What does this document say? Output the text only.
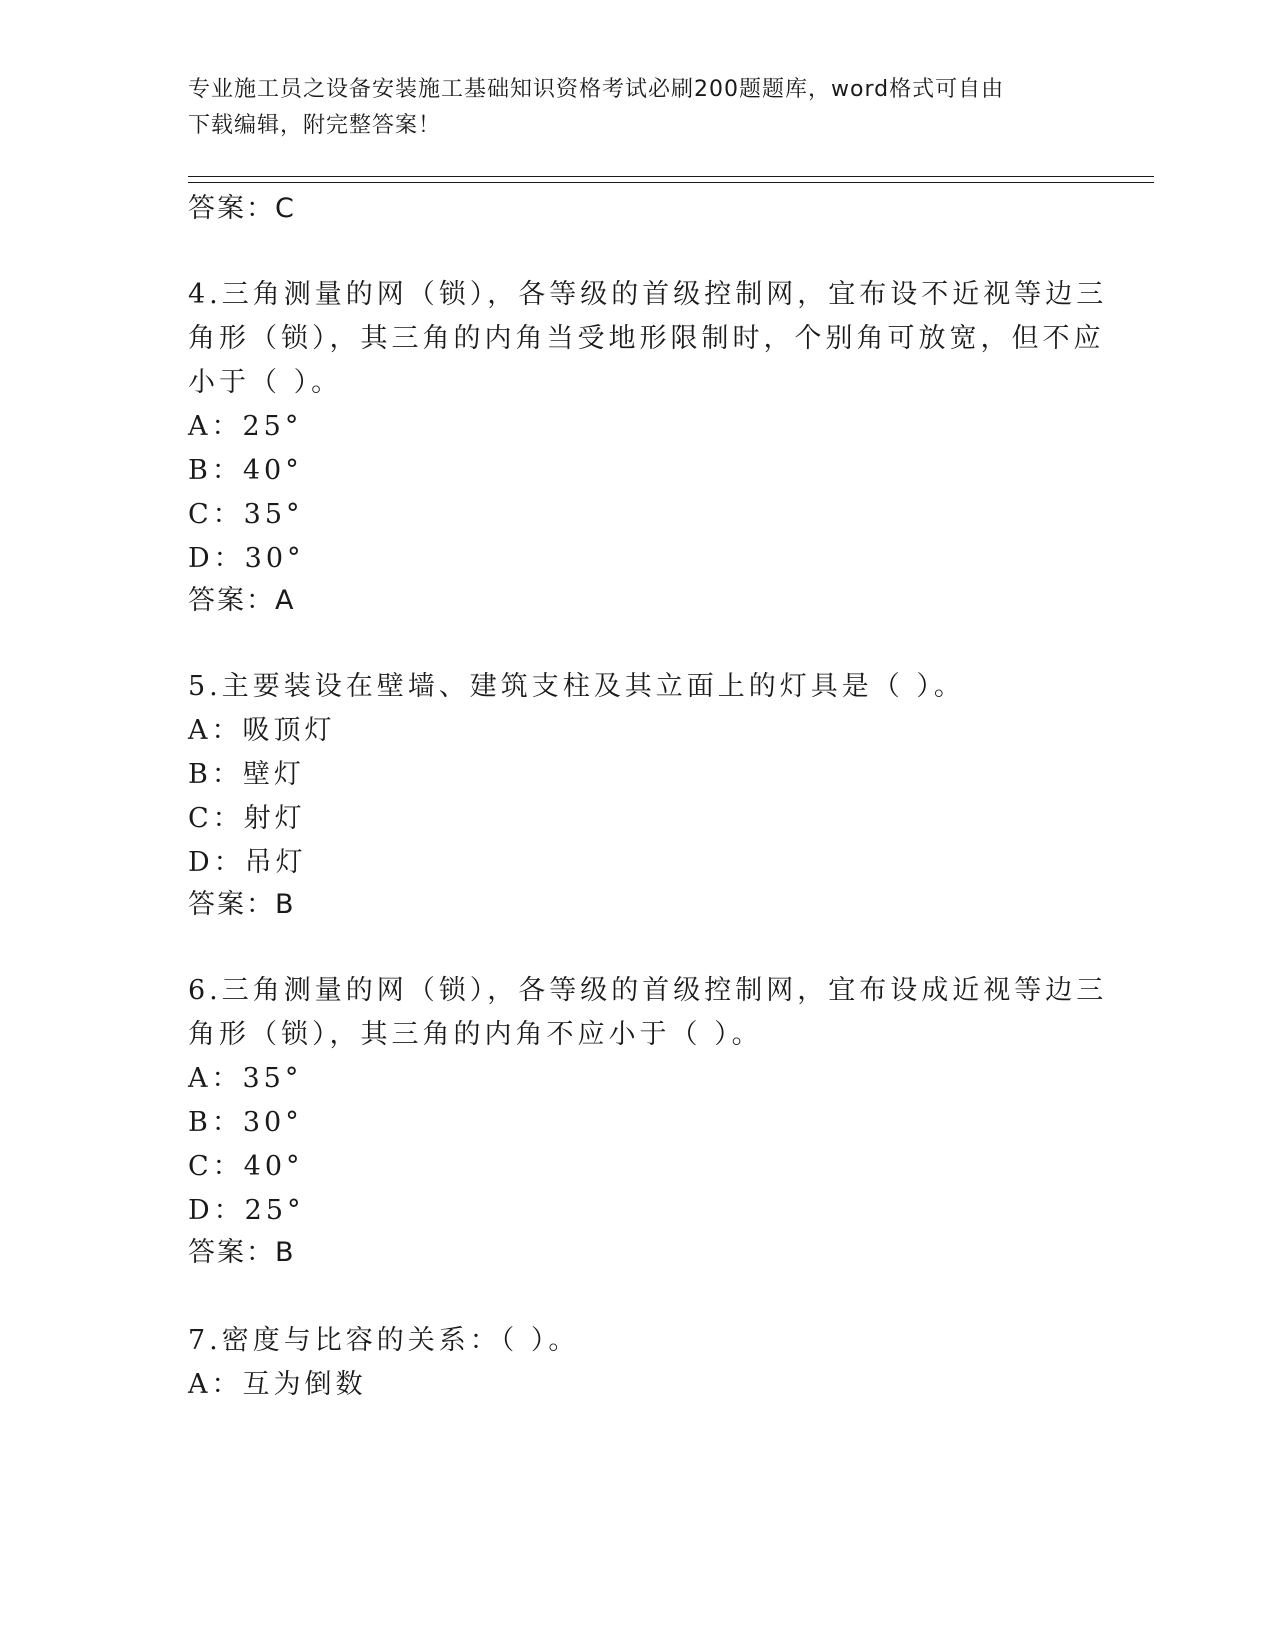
专业施工员之设备安装施工基础知识资格考试必刷200题题库，word格式可自由
下载编辑，附完整答案！
答案：C
4.三角测量的网（锁），各等级的首级控制网，宜布设不近视等边三
角形（锁），其三角的内角当受地形限制时，个别角可放宽，但不应
小于（ ）。
A：25°
B：40°
C：35°
D：30°
答案：A
5.主要装设在壁墙、建筑支柱及其立面上的灯具是（ ）。
A：吸顶灯
B：壁灯
C：射灯
D：吊灯
答案：B
6.三角测量的网（锁），各等级的首级控制网，宜布设成近视等边三
角形（锁），其三角的内角不应小于（ ）。
A：35°
B：30°
C：40°
D：25°
答案：B
7.密度与比容的关系：（ ）。
A：互为倒数
